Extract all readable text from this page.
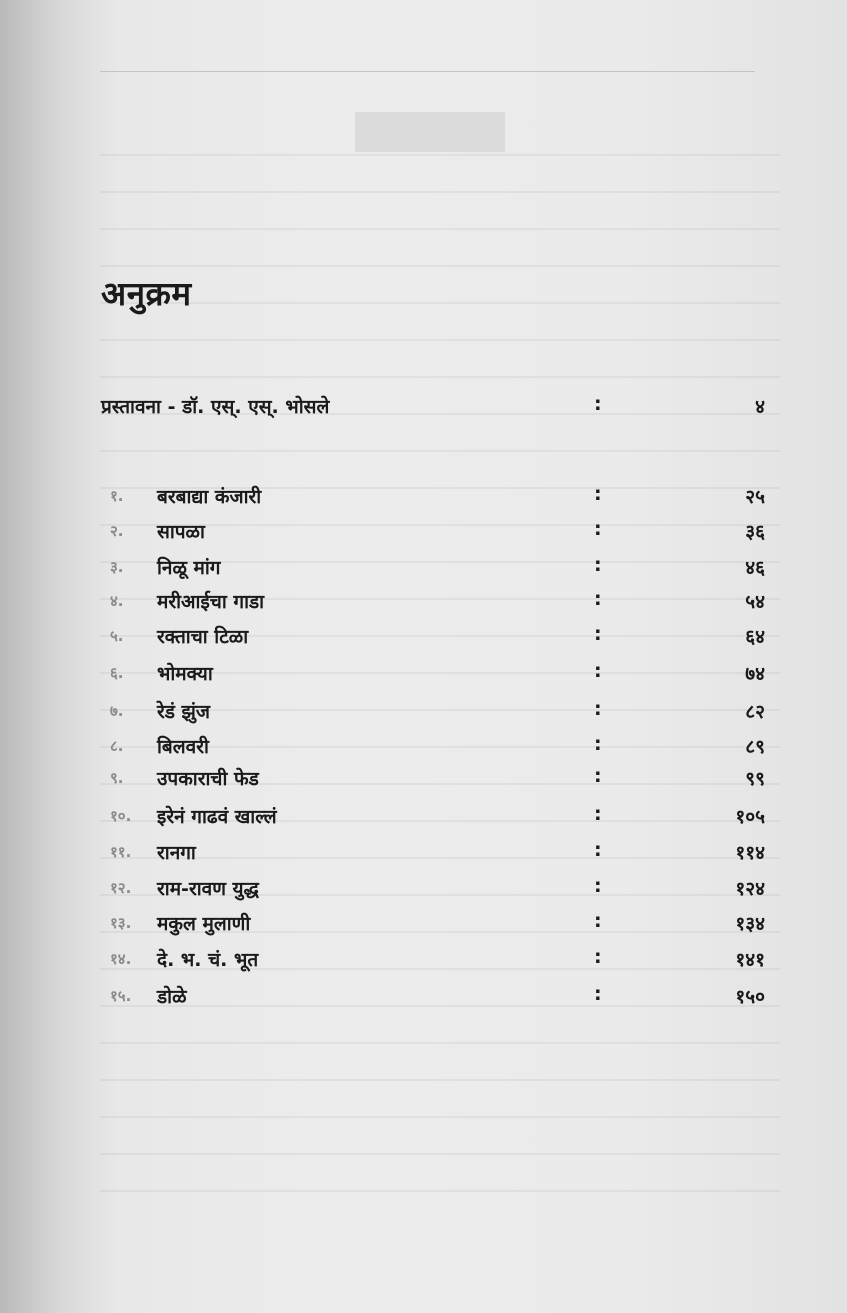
अनुक्रम
प्रस्तावना - डॉ. एस्. एस्. भोसले	:	४
१. बरबाद्या कंजारी	:	२५
२. सापळा	:	३६
३. निळू मांग	:	४६
४. मरीआईचा गाडा	:	५४
५. रक्ताचा टिळा	:	६४
६. भोमक्या	:	७४
७. रेडं झुंज	:	८२
८. बिलवरी	:	८९
९. उपकाराची फेड	:	९९
१०. इरेनं गाढवं खाल्लं	:	१०५
११. रानगा	:	११४
१२. राम-रावण युद्ध	:	१२४
१३. मकुल मुलाणी	:	१३४
१४. दे. भ. चं. भूत	:	१४१
१५. डोळे	:	१५०
